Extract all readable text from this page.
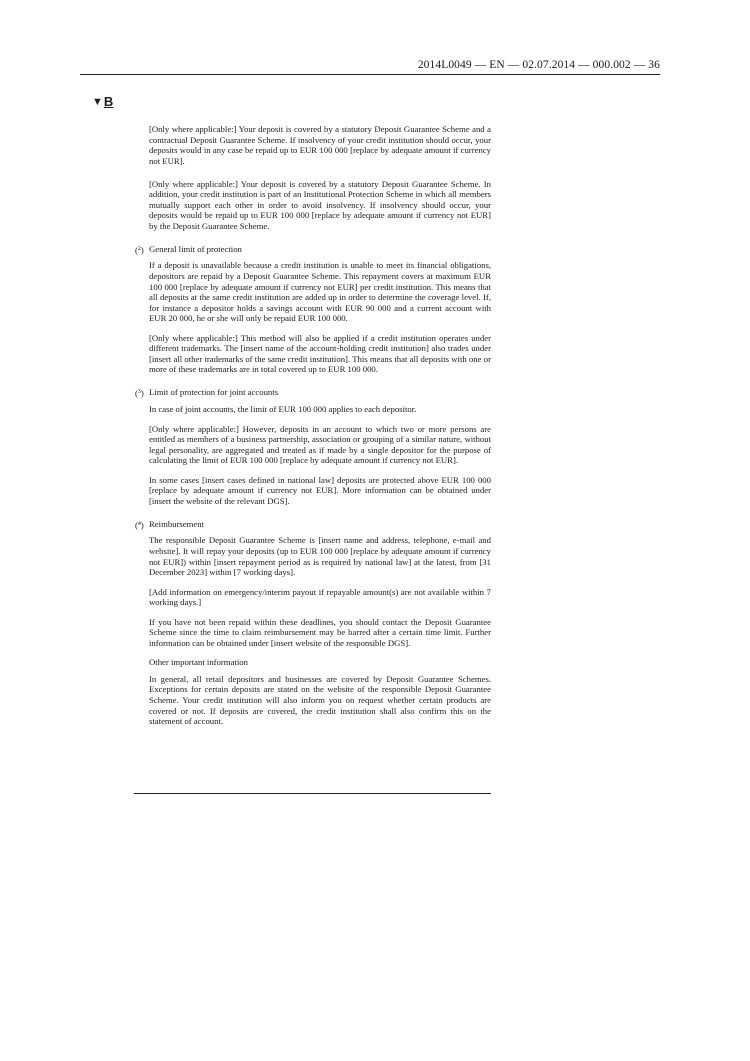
2014L0049 — EN — 02.07.2014 — 000.002 — 36
▼B

[Only where applicable:] Your deposit is covered by a statutory Deposit Guarantee Scheme and a contractual Deposit Guarantee Scheme. If insolvency of your credit institution should occur, your deposits would in any case be repaid up to EUR 100 000 [replace by adequate amount if currency not EUR].

[Only where applicable:] Your deposit is covered by a statutory Deposit Guarantee Scheme. In addition, your credit institution is part of an Institutional Protection Scheme in which all members mutually support each other in order to avoid insolvency. If insolvency should occur, your deposits would be repaid up to EUR 100 000 [replace by adequate amount if currency not EUR] by the Deposit Guarantee Scheme.

($^2$) General limit of protection

If a deposit is unavailable because a credit institution is unable to meet its financial obligations, depositors are repaid by a Deposit Guarantee Scheme. This repayment covers at maximum EUR 100 000 [replace by adequate amount if currency not EUR] per credit institution. This means that all deposits at the same credit institution are added up in order to determine the coverage level. If, for instance a depositor holds a savings account with EUR 90 000 and a current account with EUR 20 000, he or she will only be repaid EUR 100 000.

[Only where applicable:] This method will also be applied if a credit institution operates under different trademarks. The [insert name of the account-holding credit institution] also trades under [insert all other trademarks of the same credit institution]. This means that all deposits with one or more of these trademarks are in total covered up to EUR 100 000.

($^3$) Limit of protection for joint accounts

In case of joint accounts, the limit of EUR 100 000 applies to each depositor.

[Only where applicable:] However, deposits in an account to which two or more persons are entitled as members of a business partnership, association or grouping of a similar nature, without legal personality, are aggregated and treated as if made by a single depositor for the purpose of calculating the limit of EUR 100 000 [replace by adequate amount if currency not EUR].

In some cases [insert cases defined in national law] deposits are protected above EUR 100 000 [replace by adequate amount if currency not EUR]. More information can be obtained under [insert the website of the relevant DGS].

($^4$) Reimbursement

The responsible Deposit Guarantee Scheme is [insert name and address, telephone, e-mail and website]. It will repay your deposits (up to EUR 100 000 [replace by adequate amount if currency not EUR]) within [insert repayment period as is required by national law] at the latest, from [31 December 2023] within [7 working days].

[Add information on emergency/interim payout if repayable amount(s) are not available within 7 working days.]

If you have not been repaid within these deadlines, you should contact the Deposit Guarantee Scheme since the time to claim reimbursement may be barred after a certain time limit. Further information can be obtained under [insert website of the responsible DGS].

Other important information

In general, all retail depositors and businesses are covered by Deposit Guarantee Schemes. Exceptions for certain deposits are stated on the website of the responsible Deposit Guarantee Scheme. Your credit institution will also inform you on request whether certain products are covered or not. If deposits are covered, the credit institution shall also confirm this on the statement of account.
